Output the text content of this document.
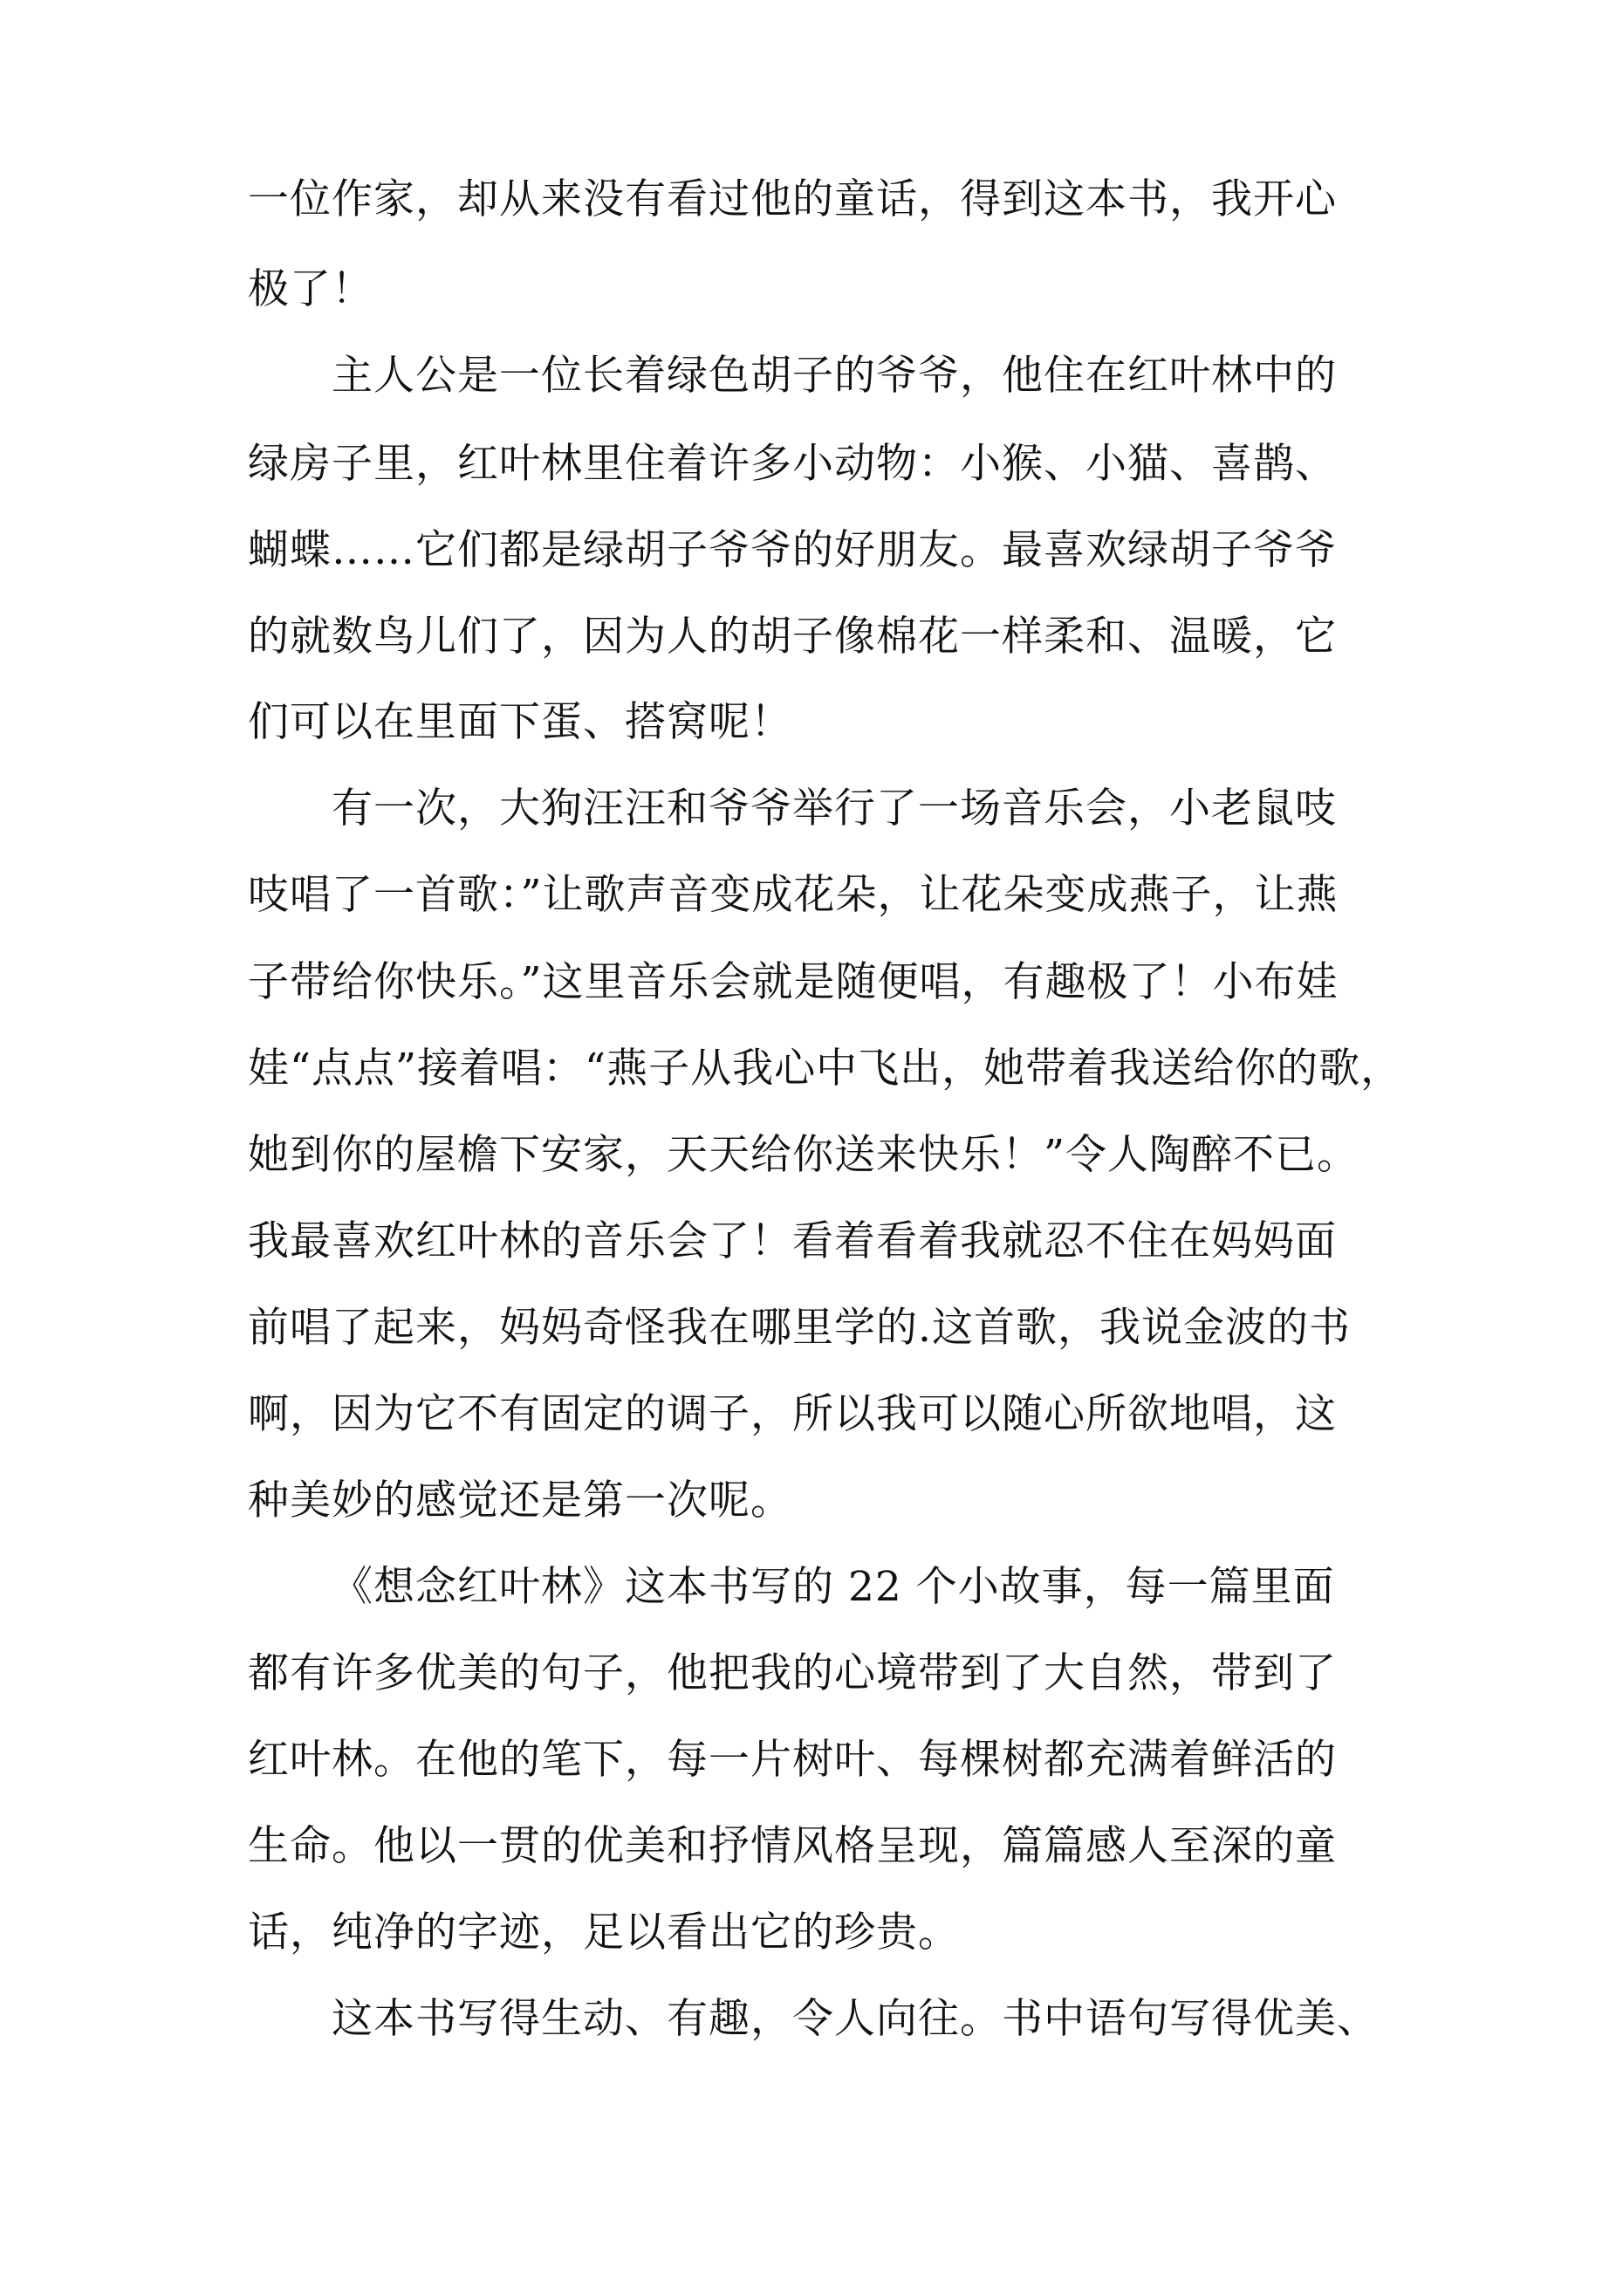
一位作家，却从来没有看过他的童话，得到这本书，我开心
极了！
主人公是一位长着绿色胡子的爷爷，他住在红叶林中的
绿房子里，红叶林里住着许多小动物：小猴、小猫、喜鹊、
蝴蝶……它们都是绿胡子爷爷的好朋友。最喜欢绿胡子爷爷
的就数鸟儿们了，因为人的胡子像棉花一样柔和、温暖，它
们可以在里面下蛋、搭窝呢！
有一次，大狗汪汪和爷爷举行了一场音乐会，小老鼠吱
吱唱了一首歌：”让歌声音变成花朵，让花朵变成燕子，让燕
子带给你快乐。”这里音乐会就是随便唱，有趣极了！小布娃
娃“点点”接着唱：“燕子从我心中飞出，她带着我送给你的歌，
她到你的屋檐下安家，天天给你送来快乐！”令人陶醉不已。
我最喜欢红叶林的音乐会了！看着看着我就忍不住在妈妈面
前唱了起来，妈妈奇怪我在哪里学的.这首歌，我说金波的书
啊，因为它不有固定的调子，所以我可以随心所欲地唱，这
种美妙的感觉还是第一次呢。
《想念红叶林》这本书写的 22 个小故事，每一篇里面
都有许多优美的句子，他把我的心境带到了大自然，带到了
红叶林。在他的笔下，每一片树叶、每棵树都充满着鲜活的
生命。他以一贯的优美和抒情风格呈现，篇篇感人至深的童
话，纯净的字迹，足以看出它的珍贵。
这本书写得生动、有趣，令人向往。书中语句写得优美、
